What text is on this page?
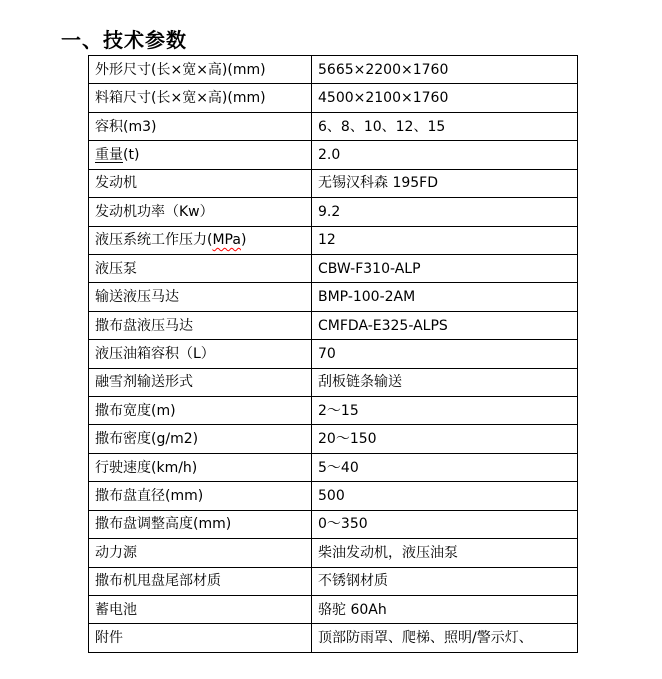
一、技术参数
外形尺寸(长×宽×高)(mm)	5665×2200×1760
料箱尺寸(长×宽×高)(mm)	4500×2100×1760
容积(m3)	6、8、10、12、15
重量(t)	2.0
发动机	无锡汉科森 195FD
发动机功率（Kw）	9.2
液压系统工作压力(MPa)	12
液压泵	CBW-F310-ALP
输送液压马达	BMP-100-2AM
撒布盘液压马达	CMFDA-E325-ALPS
液压油箱容积（L）	70
融雪剂输送形式	刮板链条输送
撒布宽度(m)	2～15
撒布密度(g/m2)	20～150
行驶速度(km/h)	5～40
撒布盘直径(mm)	500
撒布盘调整高度(mm)	0～350
动力源	柴油发动机，液压油泵
撒布机甩盘尾部材质	不锈钢材质
蓄电池	骆驼 60Ah
附件	顶部防雨罩、爬梯、照明/警示灯、
